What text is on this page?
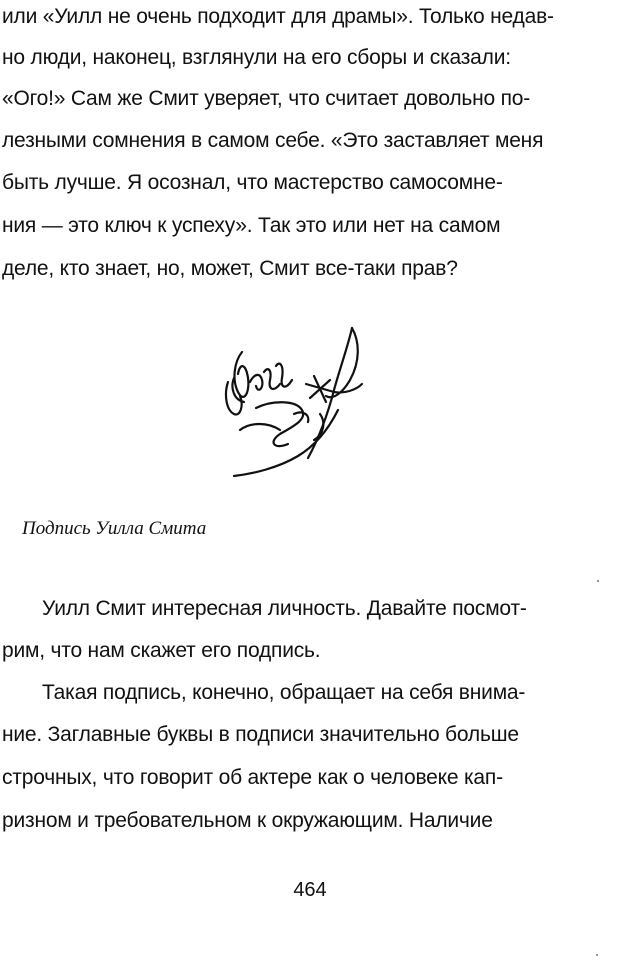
или «Уилл не очень подходит для драмы». Только недав-
но люди, наконец, взглянули на его сборы и сказали:
«Ого!» Сам же Смит уверяет, что считает довольно по-
лезными сомнения в самом себе. «Это заставляет меня
быть лучше. Я осознал, что мастерство самосомне-
ния — это ключ к успеху». Так это или нет на самом
деле, кто знает, но, может, Смит все-таки прав?
Подпись Уилла Смита
Уилл Смит интересная личность. Давайте посмот-
рим, что нам скажет его подпись.
Такая подпись, конечно, обращает на себя внима-
ние. Заглавные буквы в подписи значительно больше
строчных, что говорит об актере как о человеке кап-
ризном и требовательном к окружающим. Наличие
464
